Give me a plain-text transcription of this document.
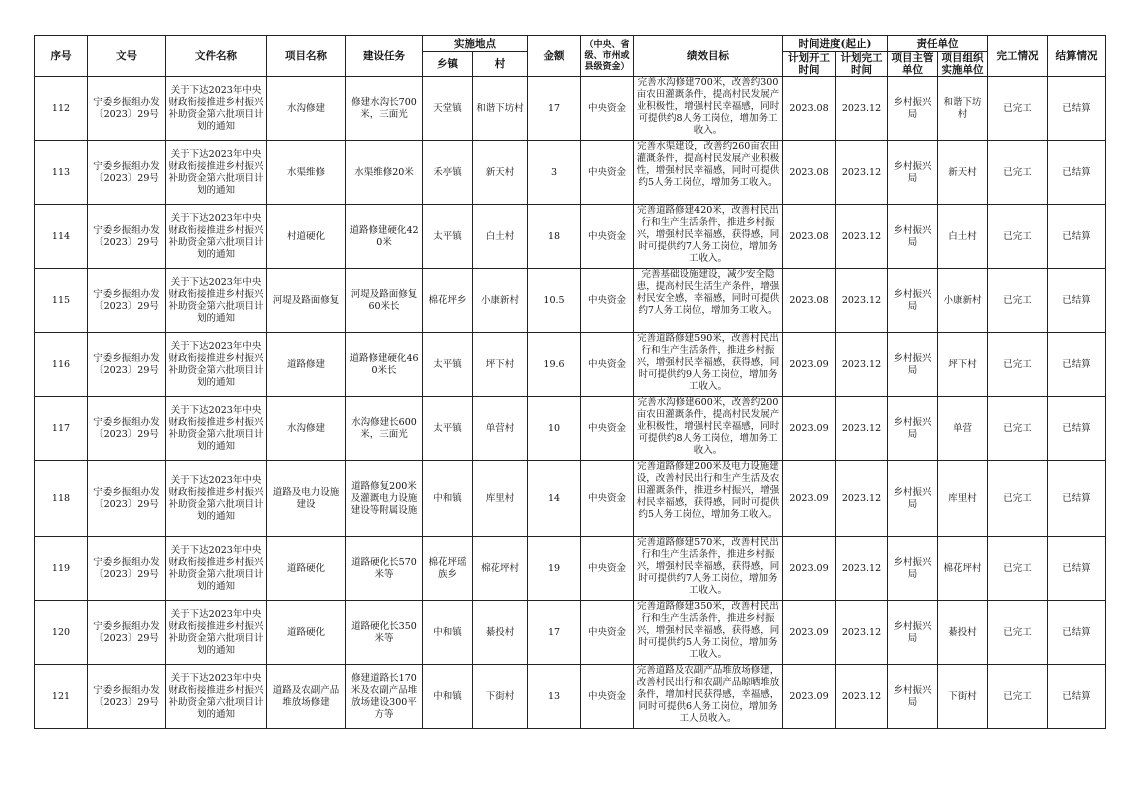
序号	文号	文件名称	项目名称	建设任务	实施地点		金额	（中央、省级、市州或县级资金）	绩效目标	时间进度(起止)		责任单位		完工情况	结算情况
					乡镇	村				计划开工时间	计划完工时间	项目主管单位	项目组织实施单位		
112	宁委乡振组办发〔2023〕29号	关于下达2023年中央财政衔接推进乡村振兴补助资金第六批项目计划的通知	水沟修建	修建水沟长700米，三面光	天堂镇	和谐下坊村	17	中央资金	完善水沟修建700米，改善约300亩农田灌溉条件，提高村民发展产业积极性，增强村民幸福感，同时可提供约8人务工岗位，增加务工收入。	2023.08	2023.12	乡村振兴局	和谐下坊村	已完工	已结算
113	宁委乡振组办发〔2023〕29号	关于下达2023年中央财政衔接推进乡村振兴补助资金第六批项目计划的通知	水渠维修	水渠维修20米	禾亭镇	新天村	3	中央资金	完善水渠建设，改善约260亩农田灌溉条件，提高村民发展产业积极性，增强村民幸福感，同时可提供约5人务工岗位，增加务工收入。	2023.08	2023.12	乡村振兴局	新天村	已完工	已结算
114	宁委乡振组办发〔2023〕29号	关于下达2023年中央财政衔接推进乡村振兴补助资金第六批项目计划的通知	村道硬化	道路修建硬化420米	太平镇	白土村	18	中央资金	完善道路修建420米，改善村民出行和生产生活条件，推进乡村振兴，增强村民幸福感，获得感，同时可提供约7人务工岗位，增加务工收入。	2023.08	2023.12	乡村振兴局	白土村	已完工	已结算
115	宁委乡振组办发〔2023〕29号	关于下达2023年中央财政衔接推进乡村振兴补助资金第六批项目计划的通知	河堤及路面修复	河堤及路面修复60米长	棉花坪乡	小康新村	10.5	中央资金	完善基础设施建设，减少安全隐患，提高村民生活生产条件，增强村民安全感，幸福感，同时可提供约7人务工岗位，增加务工收入。	2023.08	2023.12	乡村振兴局	小康新村	已完工	已结算
116	宁委乡振组办发〔2023〕29号	关于下达2023年中央财政衔接推进乡村振兴补助资金第六批项目计划的通知	道路修建	道路修建硬化460米长	太平镇	坪下村	19.6	中央资金	完善道路修建590米，改善村民出行和生产生活条件，推进乡村振兴，增强村民幸福感，获得感，同时可提供约9人务工岗位，增加务工收入。	2023.09	2023.12	乡村振兴局	坪下村	已完工	已结算
117	宁委乡振组办发〔2023〕29号	关于下达2023年中央财政衔接推进乡村振兴补助资金第六批项目计划的通知	水沟修建	水沟修建长600米，三面光	太平镇	单营村	10	中央资金	完善水沟修建600米，改善约200亩农田灌溉条件，提高村民发展产业积极性，增强村民幸福感，同时可提供约8人务工岗位，增加务工收入。	2023.09	2023.12	乡村振兴局	单营	已完工	已结算
118	宁委乡振组办发〔2023〕29号	关于下达2023年中央财政衔接推进乡村振兴补助资金第六批项目计划的通知	道路及电力设施建设	道路修复200米及灌溉电力设施建设等附属设施	中和镇	库里村	14	中央资金	完善道路修建200米及电力设施建设，改善村民出行和生产生活及农田灌溉条件，推进乡村振兴，增强村民幸福感，获得感，同时可提供约5人务工岗位，增加务工收入。	2023.09	2023.12	乡村振兴局	库里村	已完工	已结算
119	宁委乡振组办发〔2023〕29号	关于下达2023年中央财政衔接推进乡村振兴补助资金第六批项目计划的通知	道路硬化	道路硬化长570米等	棉花坪瑶族乡	棉花坪村	19	中央资金	完善道路修建570米，改善村民出行和生产生活条件，推进乡村振兴，增强村民幸福感，获得感，同时可提供约7人务工岗位，增加务工收入。	2023.09	2023.12	乡村振兴局	棉花坪村	已完工	已结算
120	宁委乡振组办发〔2023〕29号	关于下达2023年中央财政衔接推进乡村振兴补助资金第六批项目计划的通知	道路硬化	道路硬化长350米等	中和镇	綦投村	17	中央资金	完善道路修建350米，改善村民出行和生产生活条件，推进乡村振兴，增强村民幸福感，获得感，同时可提供约5人务工岗位，增加务工收入。	2023.09	2023.12	乡村振兴局	綦投村	已完工	已结算
121	宁委乡振组办发〔2023〕29号	关于下达2023年中央财政衔接推进乡村振兴补助资金第六批项目计划的通知	道路及农副产品堆放场修建	修建道路长170米及农副产品堆放场建设300平方等	中和镇	下街村	13	中央资金	完善道路及农副产品堆放场修建，改善村民出行和农副产品晾晒堆放条件，增加村民获得感，幸福感，同时可提供6人务工岗位，增加务工人员收入。	2023.09	2023.12	乡村振兴局	下街村	已完工	已结算
